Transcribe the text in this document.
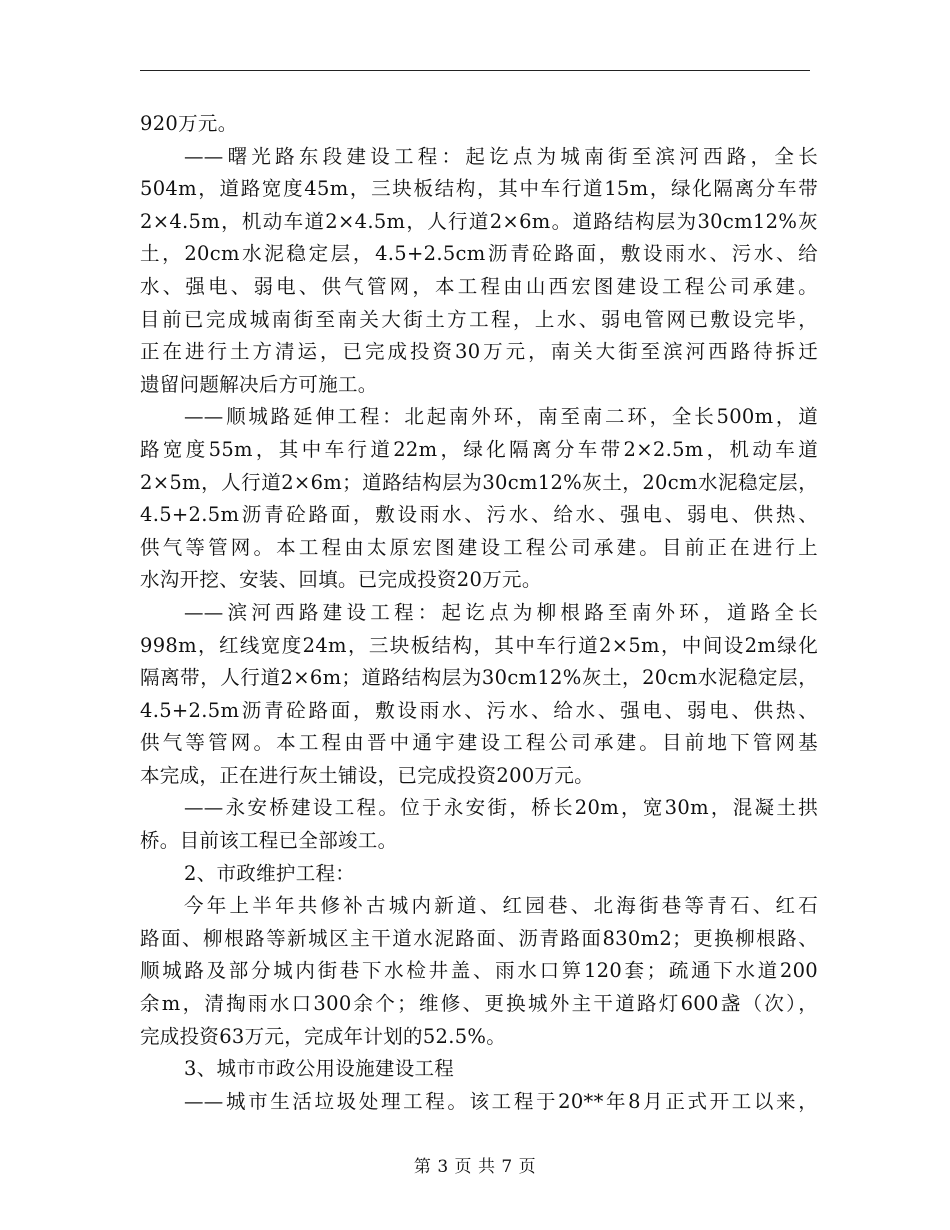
920万元。
——曙光路东段建设工程：起讫点为城南街至滨河西路，全长
504m，道路宽度45m，三块板结构，其中车行道15m，绿化隔离分车带
2×4.5m，机动车道2×4.5m，人行道2×6m。道路结构层为30cm12%灰
土，20cm水泥稳定层，4.5+2.5cm沥青砼路面，敷设雨水、污水、给
水、强电、弱电、供气管网，本工程由山西宏图建设工程公司承建。
目前已完成城南街至南关大街土方工程，上水、弱电管网已敷设完毕，
正在进行土方清运，已完成投资30万元，南关大街至滨河西路待拆迁
遗留问题解决后方可施工。
——顺城路延伸工程：北起南外环，南至南二环，全长500m，道
路宽度55m，其中车行道22m，绿化隔离分车带2×2.5m，机动车道
2×5m，人行道2×6m；道路结构层为30cm12%灰土，20cm水泥稳定层，
4.5+2.5m沥青砼路面，敷设雨水、污水、给水、强电、弱电、供热、
供气等管网。本工程由太原宏图建设工程公司承建。目前正在进行上
水沟开挖、安装、回填。已完成投资20万元。
——滨河西路建设工程：起讫点为柳根路至南外环，道路全长
998m，红线宽度24m，三块板结构，其中车行道2×5m，中间设2m绿化
隔离带，人行道2×6m；道路结构层为30cm12%灰土，20cm水泥稳定层，
4.5+2.5m沥青砼路面，敷设雨水、污水、给水、强电、弱电、供热、
供气等管网。本工程由晋中通宇建设工程公司承建。目前地下管网基
本完成，正在进行灰土铺设，已完成投资200万元。
——永安桥建设工程。位于永安街，桥长20m，宽30m，混凝土拱
桥。目前该工程已全部竣工。
2、市政维护工程：
今年上半年共修补古城内新道、红园巷、北海街巷等青石、红石
路面、柳根路等新城区主干道水泥路面、沥青路面830m2；更换柳根路、
顺城路及部分城内街巷下水检井盖、雨水口箅120套；疏通下水道200
余m，清掏雨水口300余个；维修、更换城外主干道路灯600盏（次），
完成投资63万元，完成年计划的52.5%。
3、城市市政公用设施建设工程
——城市生活垃圾处理工程。该工程于20**年8月正式开工以来，
第 3 页 共 7 页
